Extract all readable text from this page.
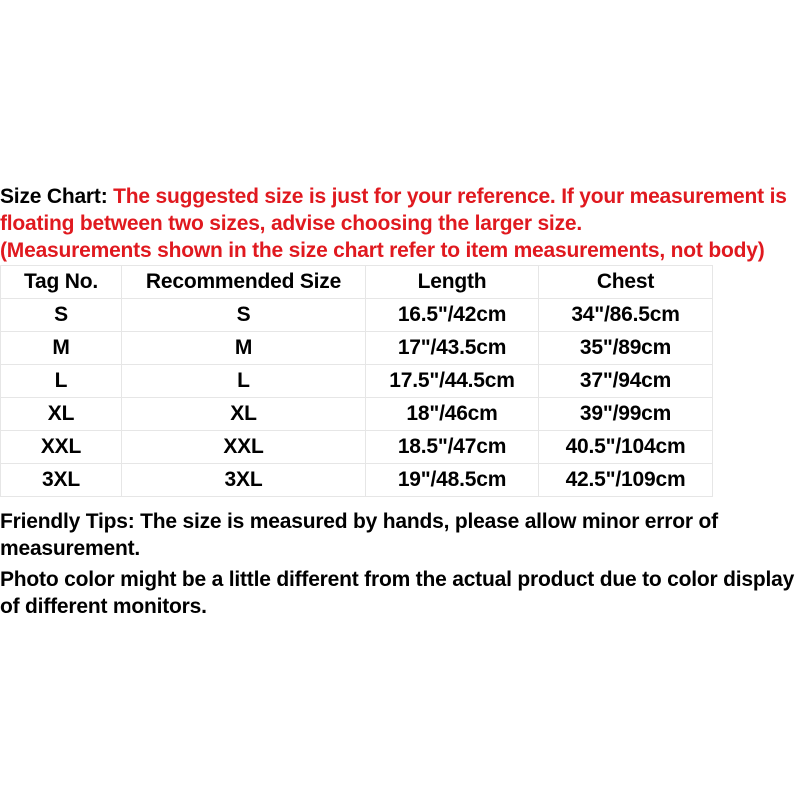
Size Chart: The suggested size is just for your reference. If your measurement is floating between two sizes, advise choosing the larger size.
(Measurements shown in the size chart refer to item measurements, not body)
Tag No.	Recommended Size	Length	Chest
S	S	16.5"/42cm	34"/86.5cm
M	M	17"/43.5cm	35"/89cm
L	L	17.5"/44.5cm	37"/94cm
XL	XL	18"/46cm	39"/99cm
XXL	XXL	18.5"/47cm	40.5"/104cm
3XL	3XL	19"/48.5cm	42.5"/109cm

Friendly Tips: The size is measured by hands, please allow minor error of measurement.

Photo color might be a little different from the actual product due to color display of different monitors.
